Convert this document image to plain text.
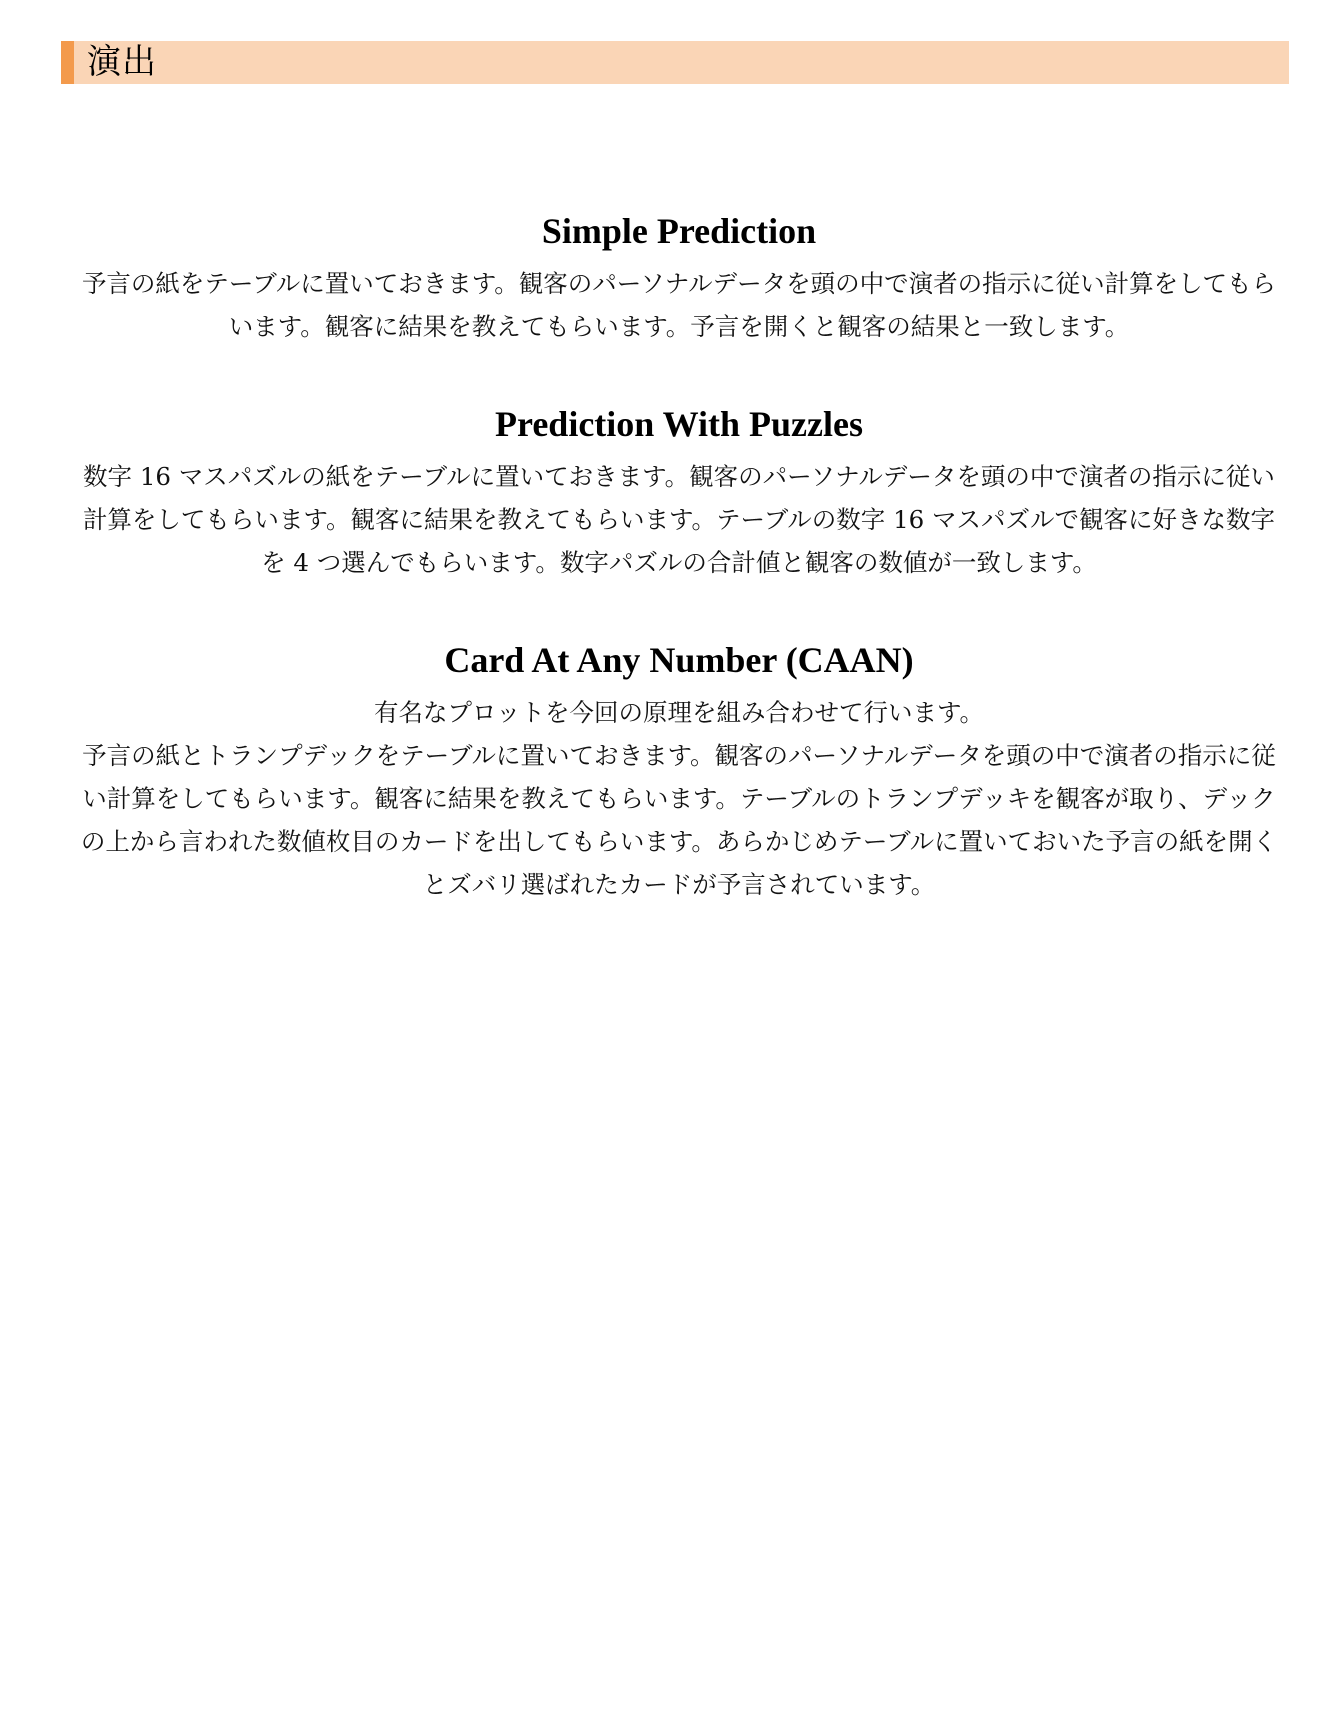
演出
Simple Prediction

予言の紙をテーブルに置いておきます。観客のパーソナルデータを頭の中で演者の指示に従い計算をしてもらいます。観客に結果を教えてもらいます。予言を開くと観客の結果と一致します。

Prediction With Puzzles

数字 16 マスパズルの紙をテーブルに置いておきます。観客のパーソナルデータを頭の中で演者の指示に従い計算をしてもらいます。観客に結果を教えてもらいます。テーブルの数字 16 マスパズルで観客に好きな数字を 4 つ選んでもらいます。数字パズルの合計値と観客の数値が一致します。

Card At Any Number (CAAN)

有名なプロットを今回の原理を組み合わせて行います。

予言の紙とトランプデックをテーブルに置いておきます。観客のパーソナルデータを頭の中で演者の指示に従い計算をしてもらいます。観客に結果を教えてもらいます。テーブルのトランプデッキを観客が取り、デックの上から言われた数値枚目のカードを出してもらいます。あらかじめテーブルに置いておいた予言の紙を開くとズバリ選ばれたカードが予言されています。
